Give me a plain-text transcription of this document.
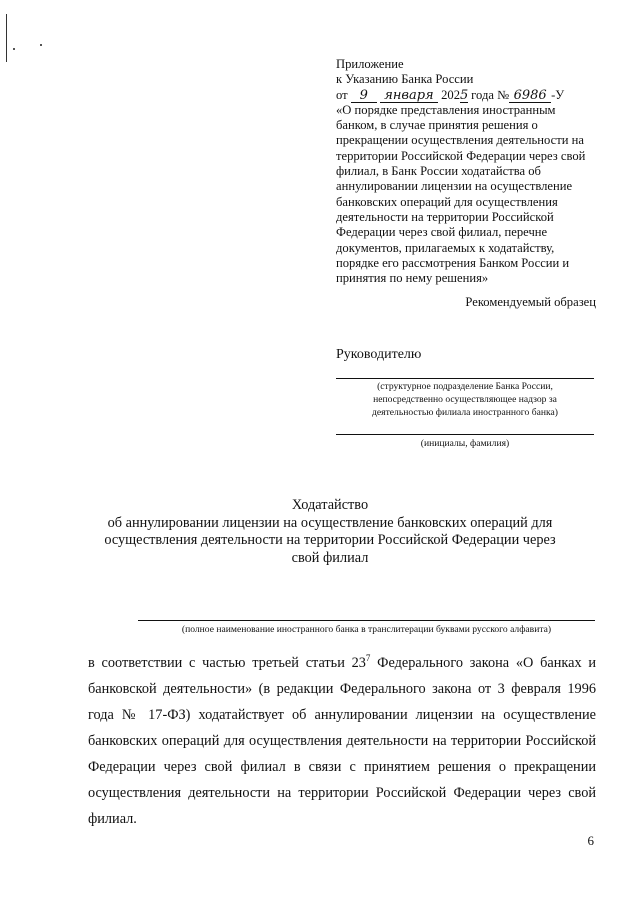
Приложение
к Указанию Банка России
от 9 января 2025 года № 6986 -У
«О порядке представления иностранным
банком, в случае принятия решения о
прекращении осуществления деятельности на
территории Российской Федерации через свой
филиал, в Банк России ходатайства об
аннулировании лицензии на осуществление
банковских операций для осуществления
деятельности на территории Российской
Федерации через свой филиал, перечне
документов, прилагаемых к ходатайству,
порядке его рассмотрения Банком России и
принятия по нему решения»
Рекомендуемый образец
Руководителю
(структурное подразделение Банка России,
непосредственно осуществляющее надзор за
деятельностью филиала иностранного банка)
(инициалы, фамилия)
Ходатайство
об аннулировании лицензии на осуществление банковских операций для
осуществления деятельности на территории Российской Федерации через
свой филиал
(полное наименование иностранного банка в транслитерации буквами русского алфавита)
в соответствии с частью третьей статьи $23^7$ Федерального закона «О банках и банковской деятельности» (в редакции Федерального закона от 3 февраля 1996 года № 17-ФЗ) ходатайствует об аннулировании лицензии на осуществление банковских операций для осуществления деятельности на территории Российской Федерации через свой филиал в связи с принятием решения о прекращении осуществления деятельности на территории Российской Федерации через свой филиал.
6
